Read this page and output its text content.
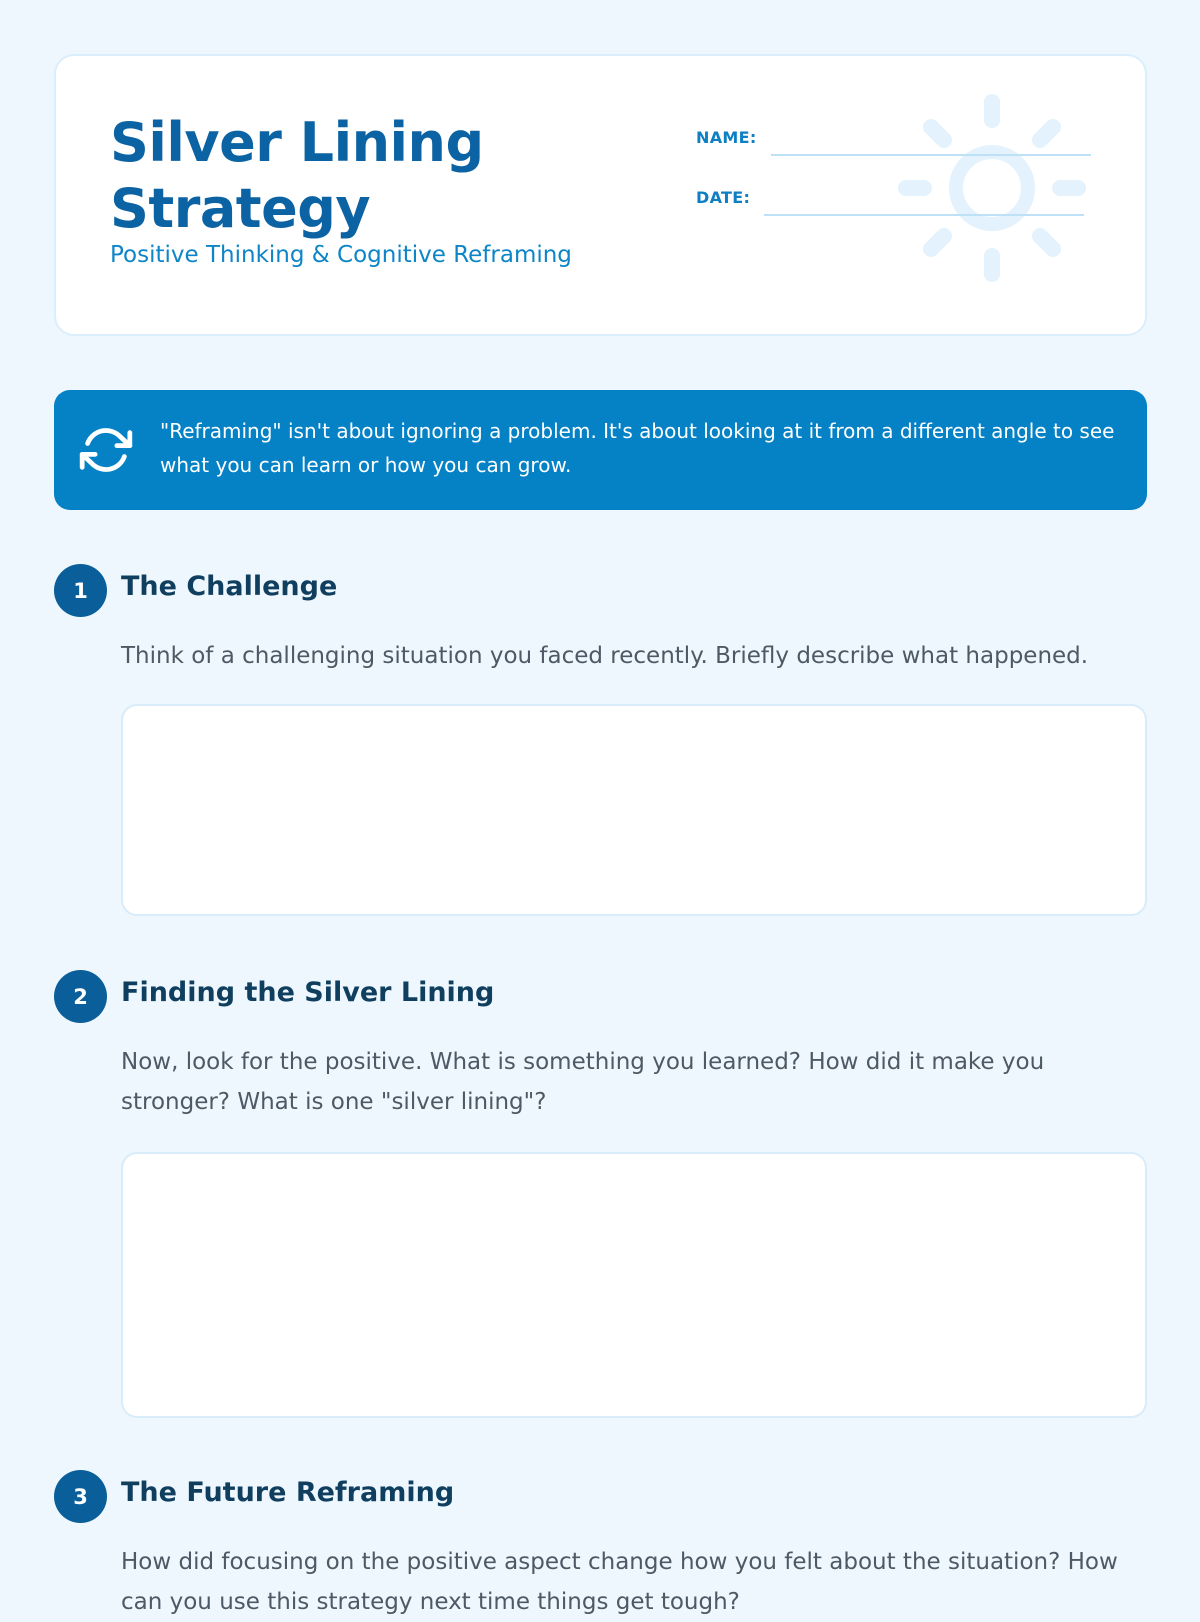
Silver Lining Strategy
Positive Thinking & Cognitive Reframing
NAME:
DATE:
"Reframing" isn't about ignoring a problem. It's about looking at it from a different angle to see what you can learn or how you can grow.
1	The Challenge
Think of a challenging situation you faced recently. Briefly describe what happened.
2	Finding the Silver Lining
Now, look for the positive. What is something you learned? How did it make you stronger? What is one "silver lining"?
3	The Future Reframing
How did focusing on the positive aspect change how you felt about the situation? How can you use this strategy next time things get tough?
